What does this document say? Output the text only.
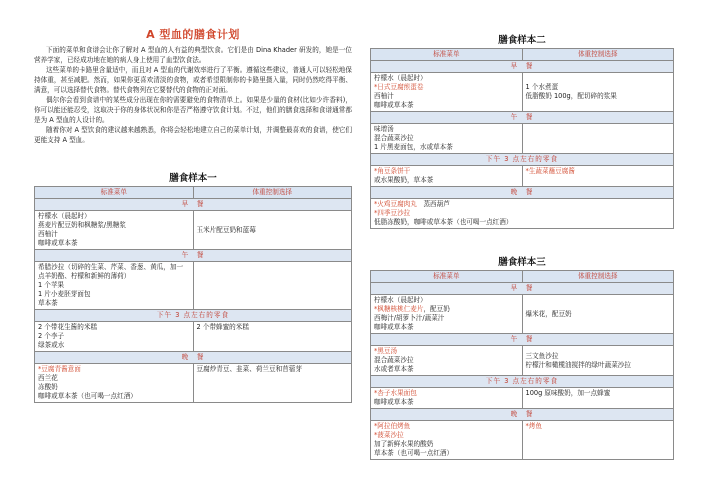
A 型血的膳食计划

下面的菜单和食谱会让你了解对 A 型血的人有益的典型饮食。它们是由 Dina Khader 研发的，她是一位营养学家，已经成功地在她的病人身上使用了血型饮食法。

这些菜单的卡路里含量适中，而且对 A 型血的代谢效率进行了平衡。遵循这些建议，普通人可以轻松地保持体重，甚至减肥。然而，如果你更喜欢清淡的食物，或者希望限制你的卡路里摄入量，同时仍然吃得平衡、满意，可以选择替代食物。替代食物列在它要替代的食物的正对面。

偶尔你会看到食谱中的某些成分出现在你的需要避免的食物清单上。如果是少量的食材(比如少许香料)，你可以能还能忍受，这取决于你的身体状况和你是否严格遵守饮食计划。不过，他们的膳食选择和食谱通常都是为 A 型血的人设计的。

随着你对 A 型饮食的建议越来越熟悉，你将会轻松地建立自己的菜单计划，并调整最喜欢的食谱，使它们更能支持 A 型血。

膳食样本一
标准菜单	体重控制选择
早　餐	

柠檬水（晨起时）
燕麦片配豆奶和枫糖浆/黑糖浆
西柚汁
咖啡或草本茶	玉米片配豆奶和蓝莓

午　餐	

希腊沙拉（切碎的生菜、芹菜、香葱、黄瓜，加一点羊奶酪、柠檬和新鲜的薄荷）
1 个苹果
1 片小麦胚芽面包
草本茶	

下午 3 点左右的零食	

2 个带花生酱的米糕
2 个李子
绿茶或水	2 个带蜂蜜的米糕

晚　餐	

*豆腐青酱意面
西兰花
冻酸奶
咖啡或草本茶（也可喝一点红酒）	豆腐炒青豆、韭菜、荷兰豆和苜蓿芽
膳食样本二
标准菜单	体重控制选择
早　餐	

柠檬水（晨起时）
*日式豆腐煎蛋卷
西柚汁
咖啡或草本茶	1 个水煮蛋
低脂酸奶 100g，配切碎的浆果

午　餐	

味增汤
混合蔬菜沙拉
1 片黑麦面包，水或草本茶	

下午 3 点左右的零食	

*角豆条饼干
或水果酸奶，草本茶	*生蔬菜蘸豆腐酱

晚　餐	

*火鸡豆腐肉丸　蒸西葫芦
*四季豆沙拉
低脂冻酸奶，咖啡或草本茶（也可喝一点红酒）	
膳食样本三
标准菜单	体重控制选择
早　餐	

柠檬水（晨起时）
*枫糖核桃仁麦片，配豆奶
西梅汁/胡萝卜汁/蔬菜汁
咖啡或草本茶	爆米花，配豆奶

午　餐	

*黑豆汤
混合蔬菜沙拉
水或者草本茶	三文鱼沙拉
柠檬汁和橄榄油搅拌的绿叶蔬菜沙拉

下午 3 点左右的零食	

*杏子水果面包
咖啡或草本茶	100g 原味酸奶，加一点蜂蜜

晚　餐	

*阿拉伯烤鱼
*菠菜沙拉
加了新鲜水果的酸奶
草本茶（也可喝一点红酒）	*烤鱼
